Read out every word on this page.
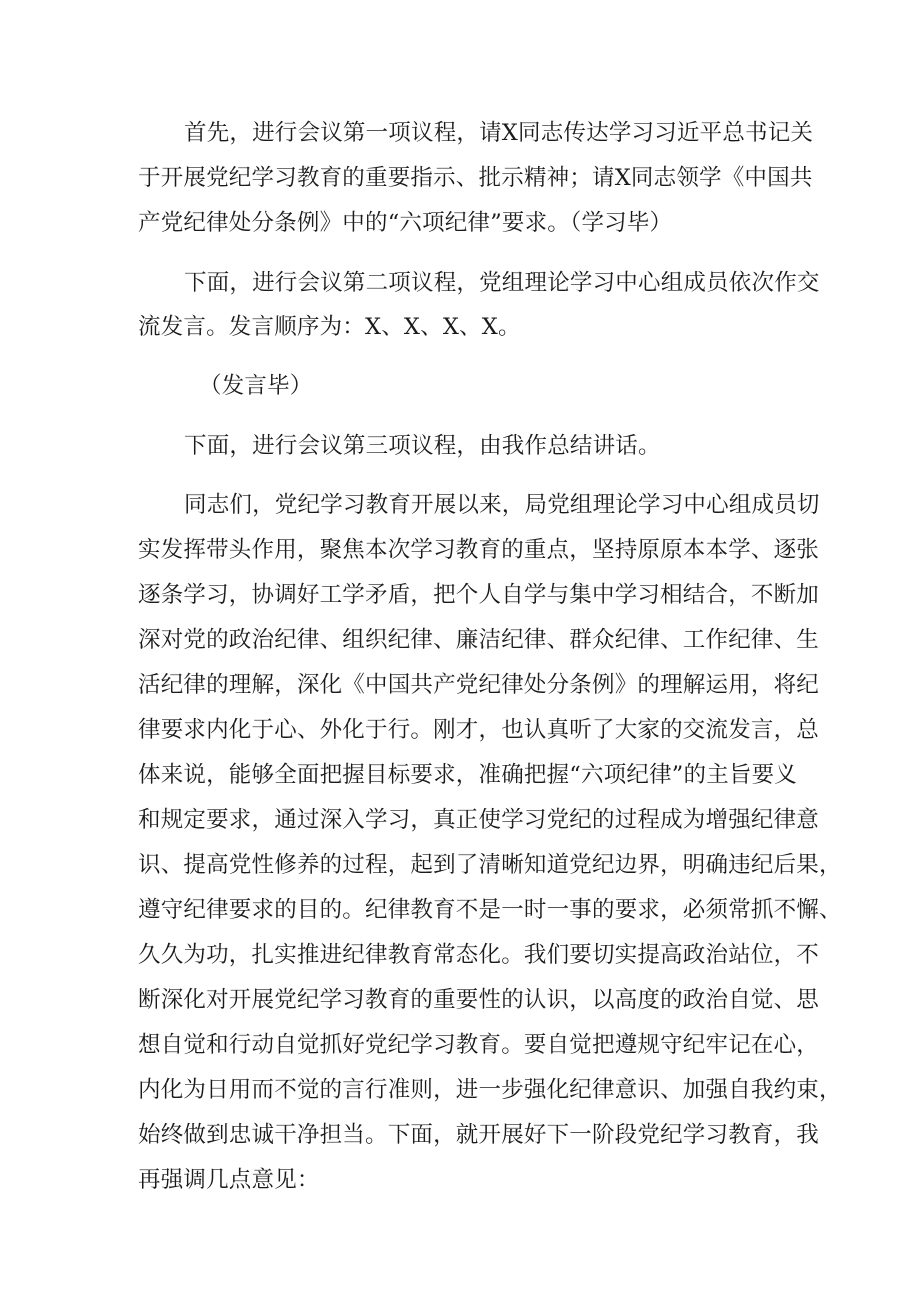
首先，进行会议第一项议程，请X同志传达学习习近平总书记关
于开展党纪学习教育的重要指示、批示精神；请X同志领学《中国共
产党纪律处分条例》中的“六项纪律”要求。（学习毕）
下面，进行会议第二项议程，党组理论学习中心组成员依次作交
流发言。发言顺序为：X、X、X、X。
（发言毕）
下面，进行会议第三项议程，由我作总结讲话。
同志们，党纪学习教育开展以来，局党组理论学习中心组成员切
实发挥带头作用，聚焦本次学习教育的重点，坚持原原本本学、逐张
逐条学习，协调好工学矛盾，把个人自学与集中学习相结合，不断加
深对党的政治纪律、组织纪律、廉洁纪律、群众纪律、工作纪律、生
活纪律的理解，深化《中国共产党纪律处分条例》的理解运用，将纪
律要求内化于心、外化于行。刚才，也认真听了大家的交流发言，总
体来说，能够全面把握目标要求，准确把握“六项纪律”的主旨要义
和规定要求，通过深入学习，真正使学习党纪的过程成为增强纪律意
识、提高党性修养的过程，起到了清晰知道党纪边界，明确违纪后果，
遵守纪律要求的目的。纪律教育不是一时一事的要求，必须常抓不懈、
久久为功，扎实推进纪律教育常态化。我们要切实提高政治站位，不
断深化对开展党纪学习教育的重要性的认识，以高度的政治自觉、思
想自觉和行动自觉抓好党纪学习教育。要自觉把遵规守纪牢记在心，
内化为日用而不觉的言行准则，进一步强化纪律意识、加强自我约束，
始终做到忠诚干净担当。下面，就开展好下一阶段党纪学习教育，我
再强调几点意见：
